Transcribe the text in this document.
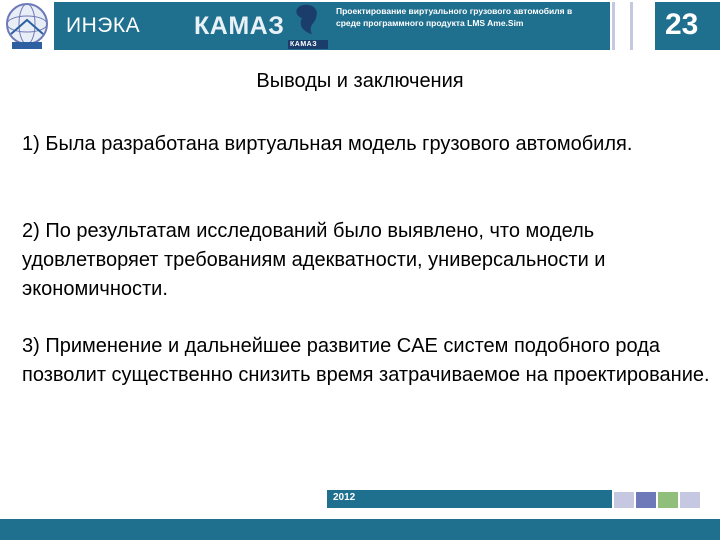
ИНЭКА КАМАЗ
КАМАЗ
Проектирование виртуального грузового автомобиля в среде программного продукта LMS Ame.Sim	23
Выводы и заключения
1) Была разработана виртуальная модель грузового автомобиля.
2) По результатам исследований было выявлено, что модель удовлетворяет требованиям адекватности, универсальности и экономичности.
3) Применение и дальнейшее развитие CAE систем подобного рода позволит существенно снизить время затрачиваемое на проектирование.
2012
